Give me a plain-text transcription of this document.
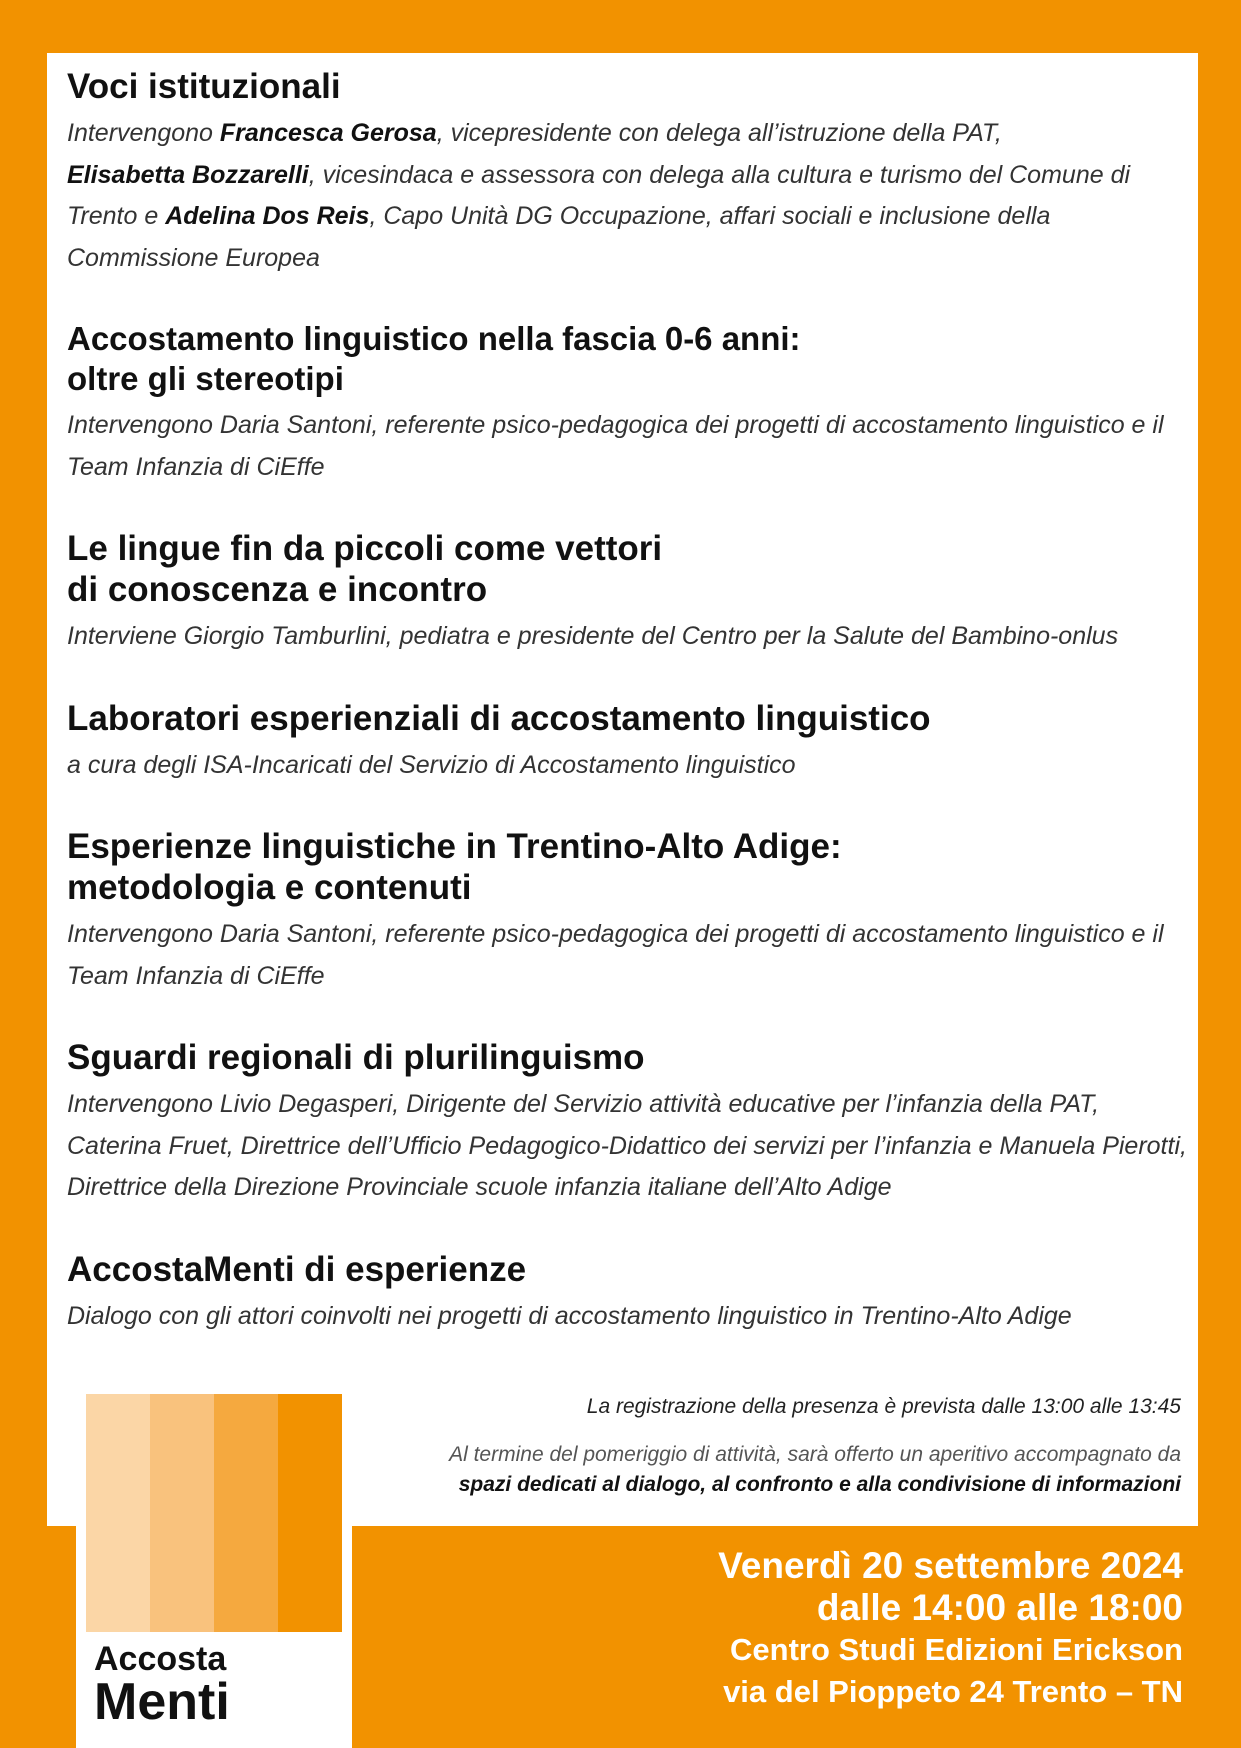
Voci istituzionali

Intervengono Francesca Gerosa, vicepresidente con delega all’istruzione della PAT,
Elisabetta Bozzarelli, vicesindaca e assessora con delega alla cultura e turismo del Comune di Trento e Adelina Dos Reis, Capo Unità DG Occupazione, affari sociali e inclusione della Commissione Europea

Accostamento linguistico nella fascia 0-6 anni:
oltre gli stereotipi

Intervengono Daria Santoni, referente psico-pedagogica dei progetti di accostamento linguistico e il Team Infanzia di CiEffe

Le lingue fin da piccoli come vettori
di conoscenza e incontro

Interviene Giorgio Tamburlini, pediatra e presidente del Centro per la Salute del Bambino-onlus

Laboratori esperienziali di accostamento linguistico

a cura degli ISA-Incaricati del Servizio di Accostamento linguistico

Esperienze linguistiche in Trentino-Alto Adige:
metodologia e contenuti

Intervengono Daria Santoni, referente psico-pedagogica dei progetti di accostamento linguistico e il Team Infanzia di CiEffe

Sguardi regionali di plurilinguismo

Intervengono Livio Degasperi, Dirigente del Servizio attività educative per l’infanzia della PAT, Caterina Fruet, Direttrice dell’Ufficio Pedagogico-Didattico dei servizi per l’infanzia e Manuela Pierotti, Direttrice della Direzione Provinciale scuole infanzia italiane dell’Alto Adige

AccostaMenti di esperienze

Dialogo con gli attori coinvolti nei progetti di accostamento linguistico in Trentino-Alto Adige

La registrazione della presenza è prevista dalle 13:00 alle 13:45

Al termine del pomeriggio di attività, sarà offerto un aperitivo accompagnato da

spazi dedicati al dialogo, al confronto e alla condivisione di informazioni

Accosta
Menti
Venerdì 20 settembre 2024
dalle 14:00 alle 18:00
Centro Studi Edizioni Erickson
via del Pioppeto 24 Trento – TN
